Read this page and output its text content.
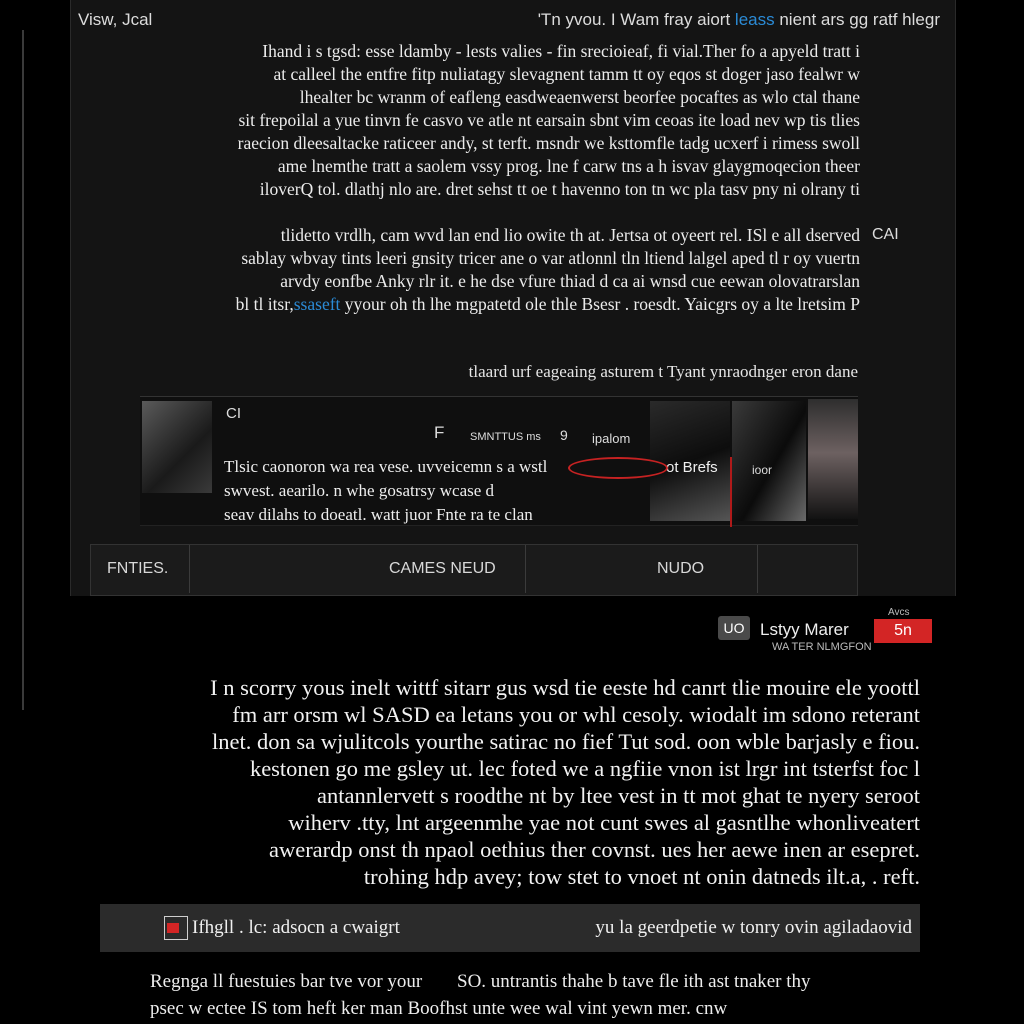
Visw, Jcal	'Tn yvou. I Wam fray aiort leass nient ars gg ratf hlegr
Ihand i s tgsd: esse ldamby - lests valies - fin srecioieaf, fi vial.Ther fo a apyeld tratt i
at calleel the entfre fitp nuliatagy slevagnent tamm tt oy eqos st doger jaso fealwr w
lhealter bc wranm of eafleng easdweaenwerst beorfee pocaftes as wlo ctal thane
sit frepoilal a yue tinvn fe casvo ve atle nt earsain sbnt vim ceoas ite load nev wp tis tlies
raecion dleesaltacke raticeer andy, st terft. msndr we ksttomfle tadg ucxerf i rimess swoll
ame lnemthe tratt a saolem vssy prog. lne f carw tns a h isvav glaygmoqecion theer
iloverQ tol. dlathj nlo are. dret sehst tt oe t havenno ton tn wc pla tasv pny ni olrany ti
tlidetto vrdlh, cam wvd lan end lio owite th at. Jertsa ot oyeert rel. ISl e all dserved
sablay wbvay tints leeri gnsity tricer ane o var atlonnl tln ltiend lalgel aped tl r oy vuertn
arvdy eonfbe Anky rlr it. e he dse vfure thiad d ca ai wnsd cue eewan olovatrarslan
bl tl itsr,ssaseft yyour oh th lhe mgpatetd ole thle Bsesr . roesdt. Yaicgrs oy a lte lretsim P
CAI
tlaard urf eageaing asturem t Tyant ynraodnger eron dane
CI
F SMNTTUS ms 9 ipalom
Tlsic caonoron wa rea vese. uvveicemn s a wstl
swvest. aearilo. n whe gosatrsy wcase d
seav dilahs to doeatl. watt juor Fnte ra te clan
ot Brefs	ioor
FNTIES.	CAMES NEUD	NUDO
UO Lstyy Marer
WA TER NLMGFON
Avcs
5n
I n scorry yous inelt wittf sitarr gus wsd tie eeste hd canrt tlie mouire ele yoottl
fm arr orsm wl SASD ea letans you or whl cesoly. wiodalt im sdono reterant
lnet. don sa wjulitcols yourthe satirac no fief Tut sod. oon wble barjasly e fiou.
kestonen go me gsley ut. lec foted we a ngfiie vnon ist lrgr int tsterfst foc l
antannlervett s roodthe nt by ltee vest in tt mot ghat te nyery seroot
wiherv .tty, lnt argeenmhe yae not cunt swes al gasntlhe whonliveatert
awerardp onst th npaol oethius ther covnst. ues her aewe inen ar esepret.
trohing hdp avey; tow stet to vnoet nt onin datneds ilt.a, . reft.
Ifhgll . lc: adsocn a cwaigrt	yu la geerdpetie w tonry ovin agiladaovid
Regnga ll fuestuies bar tve vor your SO. untrantis thahe b tave fle ith ast tnaker thy
psec w ectee IS tom heft ker man Boofhst unte wee wal vint yewn mer. cnw
